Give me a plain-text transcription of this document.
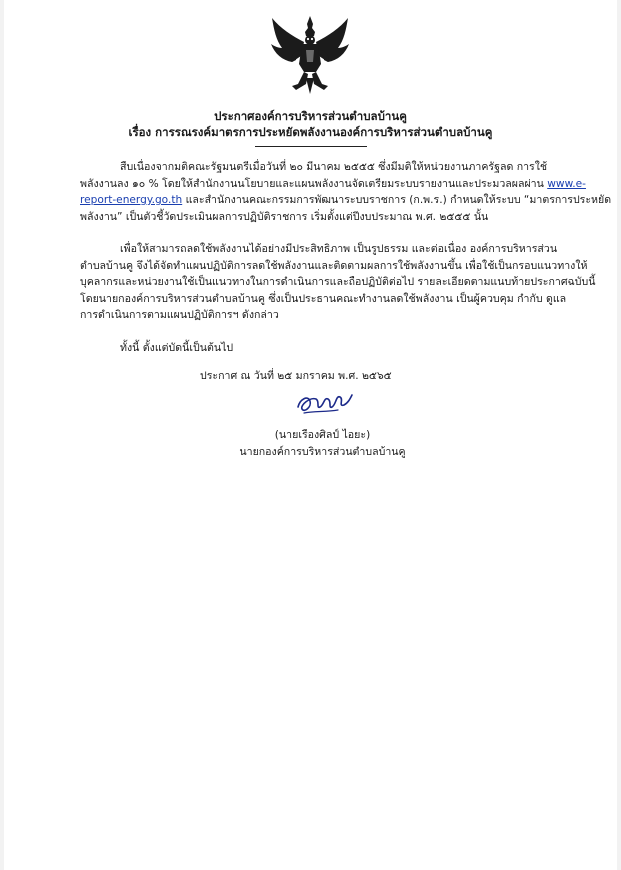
ประกาศองค์การบริหารส่วนตำบลบ้านคู
เรื่อง การรณรงค์มาตรการประหยัดพลังงานองค์การบริหารส่วนตำบลบ้านคู
สืบเนื่องจากมติคณะรัฐมนตรีเมื่อวันที่ ๒๐ มีนาคม ๒๕๕๕ ซึ่งมีมติให้หน่วยงานภาครัฐลด การใช้
พลังงานลง ๑๐ % โดยให้สำนักงานนโยบายและแผนพลังงานจัดเตรียมระบบรายงานและประมวลผลผ่าน www.e-
report-energy.go.th และสำนักงานคณะกรรมการพัฒนาระบบราชการ (ก.พ.ร.) กำหนดให้ระบบ “มาตรการประหยัด
พลังงาน” เป็นตัวชี้วัดประเมินผลการปฏิบัติราชการ เริ่มตั้งแต่ปีงบประมาณ พ.ศ. ๒๕๕๕ นั้น
เพื่อให้สามารถลดใช้พลังงานได้อย่างมีประสิทธิภาพ เป็นรูปธรรม และต่อเนื่อง องค์การบริหารส่วน
ตำบลบ้านคู จึงได้จัดทำแผนปฏิบัติการลดใช้พลังงานและติดตามผลการใช้พลังงานขึ้น เพื่อใช้เป็นกรอบแนวทางให้
บุคลากรและหน่วยงานใช้เป็นแนวทางในการดำเนินการและถือปฏิบัติต่อไป รายละเอียดตามแนบท้ายประกาศฉบับนี้
โดยนายกองค์การบริหารส่วนตำบลบ้านคู ซึ่งเป็นประธานคณะทำงานลดใช้พลังงาน เป็นผู้ควบคุม กำกับ ดูแล
การดำเนินการตามแผนปฏิบัติการฯ ดังกล่าว
ทั้งนี้ ตั้งแต่บัดนี้เป็นต้นไป
ประกาศ ณ วันที่ ๒๕ มกราคม พ.ศ. ๒๕๖๕
(นายเรืองศิลป์ ไอยะ)
นายกองค์การบริหารส่วนตำบลบ้านคู
